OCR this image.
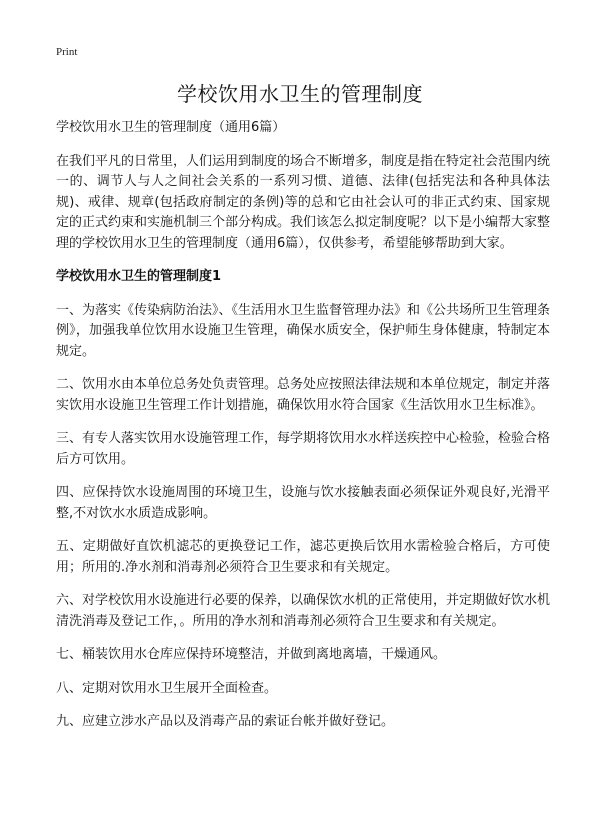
Print
学校饮用水卫生的管理制度

学校饮用水卫生的管理制度（通用6篇）

在我们平凡的日常里，人们运用到制度的场合不断增多，制度是指在特定社会范围内统一的、调节人与人之间社会关系的一系列习惯、道德、法律(包括宪法和各种具体法规)、戒律、规章(包括政府制定的条例)等的总和它由社会认可的非正式约束、国家规定的正式约束和实施机制三个部分构成。我们该怎么拟定制度呢？以下是小编帮大家整理的学校饮用水卫生的管理制度（通用6篇），仅供参考，希望能够帮助到大家。

学校饮用水卫生的管理制度1

一、为落实《传染病防治法》、《生活用水卫生监督管理办法》和《公共场所卫生管理条例》，加强我单位饮用水设施卫生管理，确保水质安全，保护师生身体健康，特制定本规定。

二、饮用水由本单位总务处负责管理。总务处应按照法律法规和本单位规定，制定并落实饮用水设施卫生管理工作计划措施，确保饮用水符合国家《生活饮用水卫生标准》。

三、有专人落实饮用水设施管理工作，每学期将饮用水水样送疾控中心检验，检验合格后方可饮用。

四、应保持饮水设施周围的环境卫生，设施与饮水接触表面必须保证外观良好,光滑平整,不对饮水水质造成影响。

五、定期做好直饮机滤芯的更换登记工作，滤芯更换后饮用水需检验合格后，方可使用；所用的.净水剂和消毒剂必须符合卫生要求和有关规定。

六、对学校饮用水设施进行必要的保养，以确保饮水机的正常使用，并定期做好饮水机清洗消毒及登记工作，。所用的净水剂和消毒剂必须符合卫生要求和有关规定。

七、桶装饮用水仓库应保持环境整洁，并做到离地离墙，干燥通风。

八、定期对饮用水卫生展开全面检查。

九、应建立涉水产品以及消毒产品的索证台帐并做好登记。
